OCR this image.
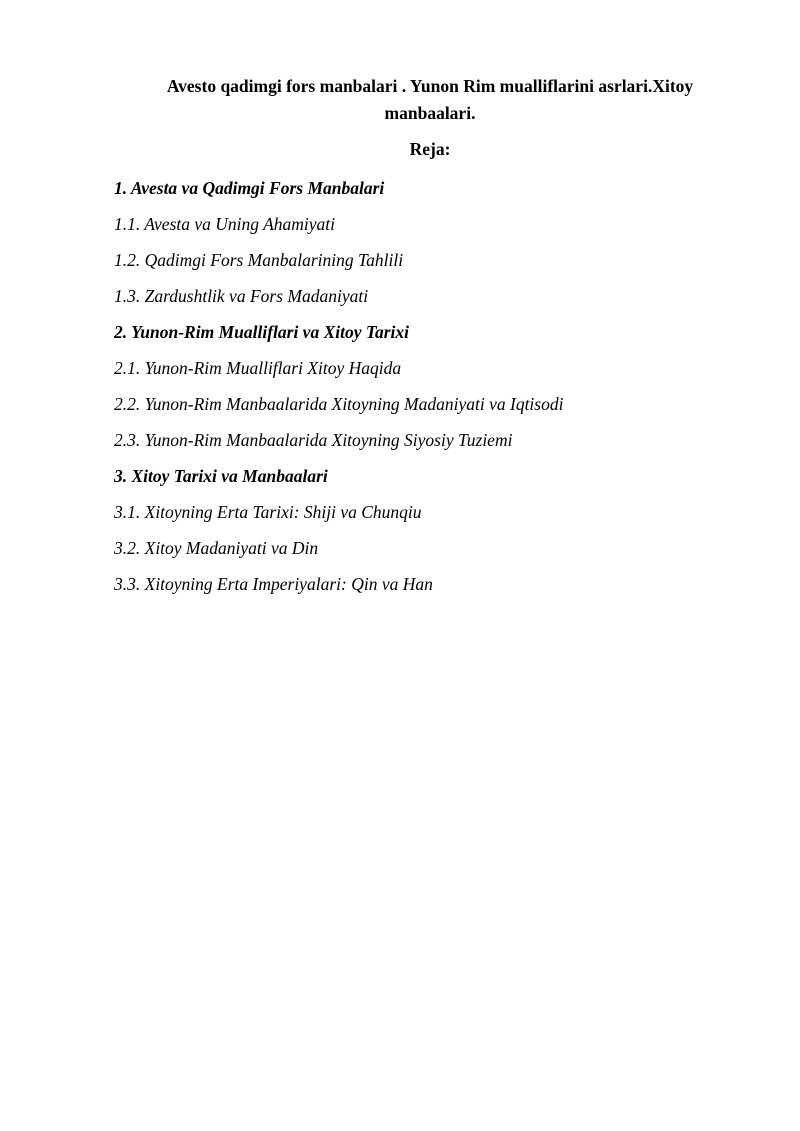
Avesto qadimgi fors manbalari . Yunon Rim mualliflarini asrlari.Xitoy manbaalari.
Reja:
1. Avesta va Qadimgi Fors Manbalari
1.1. Avesta va Uning Ahamiyati
1.2. Qadimgi Fors Manbalarining Tahlili
1.3. Zardushtlik va Fors Madaniyati
2. Yunon-Rim Mualliflari va Xitoy Tarixi
2.1. Yunon-Rim Mualliflari Xitoy Haqida
2.2. Yunon-Rim Manbaalarida Xitoyning Madaniyati va Iqtisodi
2.3. Yunon-Rim Manbaalarida Xitoyning Siyosiy Tuziemi
3. Xitoy Tarixi va Manbaalari
3.1. Xitoyning Erta Tarixi: Shiji va Chunqiu
3.2. Xitoy Madaniyati va Din
3.3. Xitoyning Erta Imperiyalari: Qin va Han
